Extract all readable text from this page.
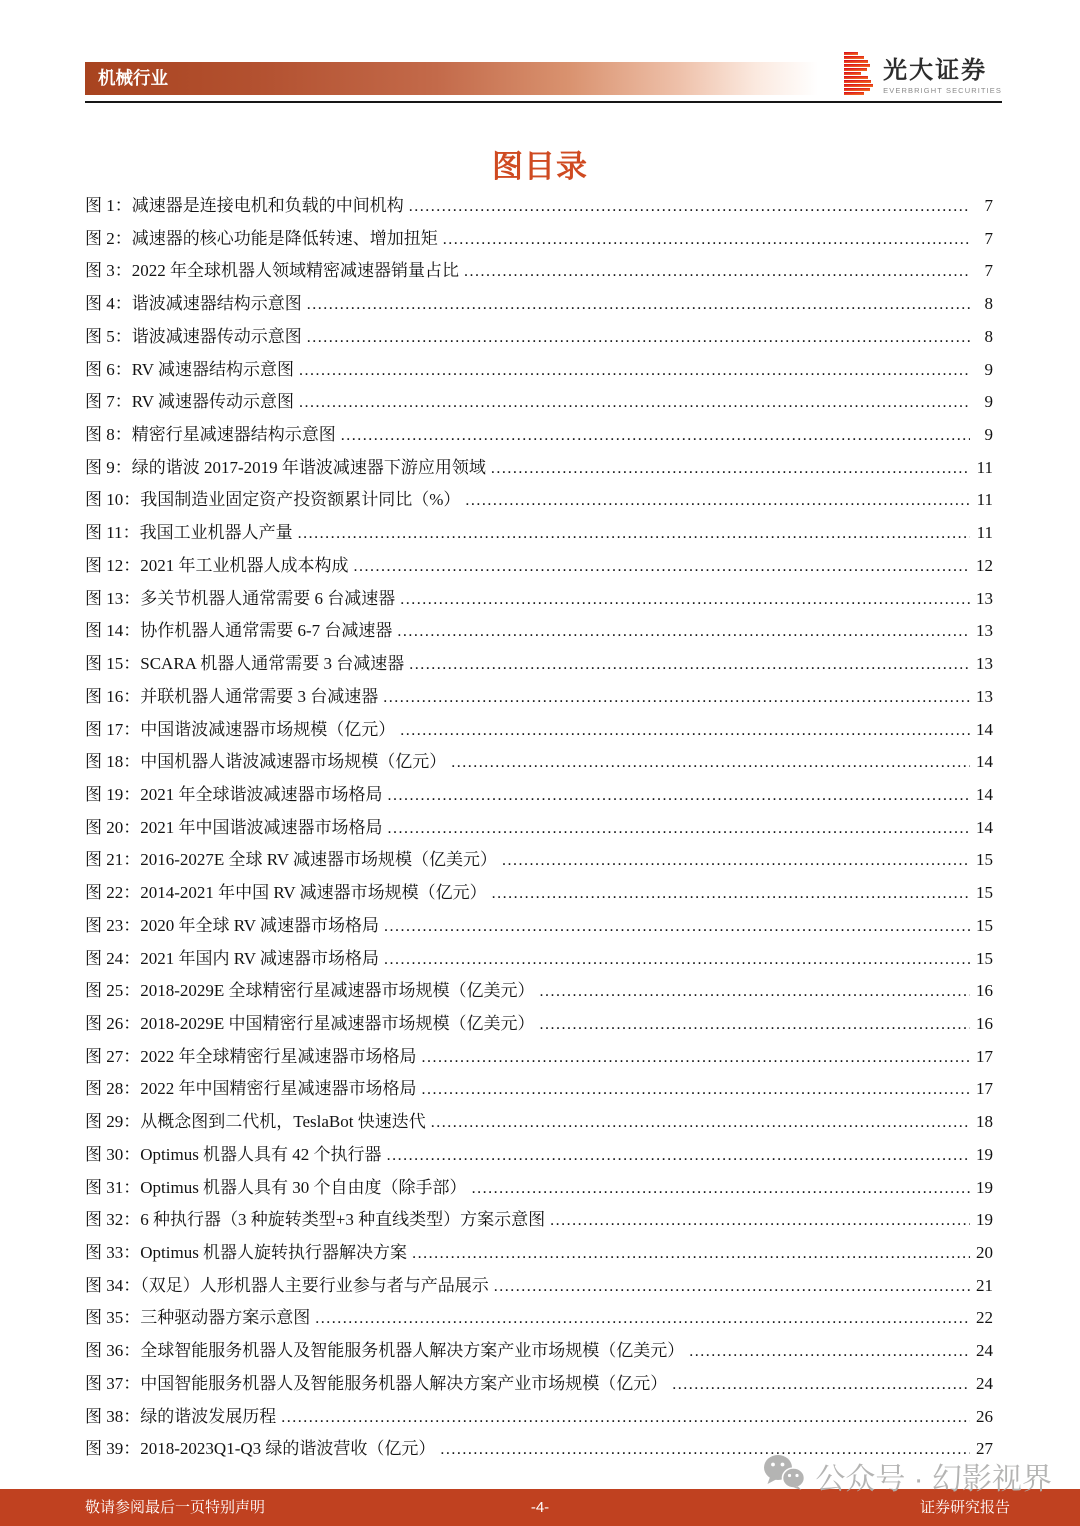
机械行业	光大证券
EVERBRIGHT SECURITIES
图目录
图 1：减速器是连接电机和负载的中间机构 .....	7
图 2：减速器的核心功能是降低转速、增加扭矩 .....	7
图 3：2022 年全球机器人领域精密减速器销量占比 .....	7
图 4：谐波减速器结构示意图 .....	8
图 5：谐波减速器传动示意图 .....	8
图 6：RV 减速器结构示意图 .....	9
图 7：RV 减速器传动示意图 .....	9
图 8：精密行星减速器结构示意图 .....	9
图 9：绿的谐波 2017-2019 年谐波减速器下游应用领域 .....	11
图 10：我国制造业固定资产投资额累计同比（%） .....	11
图 11：我国工业机器人产量 .....	11
图 12：2021 年工业机器人成本构成 .....	12
图 13：多关节机器人通常需要 6 台减速器 .....	13
图 14：协作机器人通常需要 6-7 台减速器 .....	13
图 15：SCARA 机器人通常需要 3 台减速器 .....	13
图 16：并联机器人通常需要 3 台减速器 .....	13
图 17：中国谐波减速器市场规模（亿元） .....	14
图 18：中国机器人谐波减速器市场规模（亿元） .....	14
图 19：2021 年全球谐波减速器市场格局 .....	14
图 20：2021 年中国谐波减速器市场格局 .....	14
图 21：2016-2027E 全球 RV 减速器市场规模（亿美元） .....	15
图 22：2014-2021 年中国 RV 减速器市场规模（亿元） .....	15
图 23：2020 年全球 RV 减速器市场格局 .....	15
图 24：2021 年国内 RV 减速器市场格局 .....	15
图 25：2018-2029E 全球精密行星减速器市场规模（亿美元） .....	16
图 26：2018-2029E 中国精密行星减速器市场规模（亿美元） .....	16
图 27：2022 年全球精密行星减速器市场格局 .....	17
图 28：2022 年中国精密行星减速器市场格局 .....	17
图 29：从概念图到二代机，TeslaBot 快速迭代 .....	18
图 30：Optimus 机器人具有 42 个执行器 .....	19
图 31：Optimus 机器人具有 30 个自由度（除手部） .....	19
图 32：6 种执行器（3 种旋转类型+3 种直线类型）方案示意图 .....	19
图 33：Optimus 机器人旋转执行器解决方案 .....	20
图 34：（双足）人形机器人主要行业参与者与产品展示 .....	21
图 35：三种驱动器方案示意图 .....	22
图 36：全球智能服务机器人及智能服务机器人解决方案产业市场规模（亿美元） .....	24
图 37：中国智能服务机器人及智能服务机器人解决方案产业市场规模（亿元） .....	24
图 38：绿的谐波发展历程 .....	26
图 39：2018-2023Q1-Q3 绿的谐波营收（亿元） .....	27
公众号 · 幻影视界
敬请参阅最后一页特别声明	-4-	证券研究报告
